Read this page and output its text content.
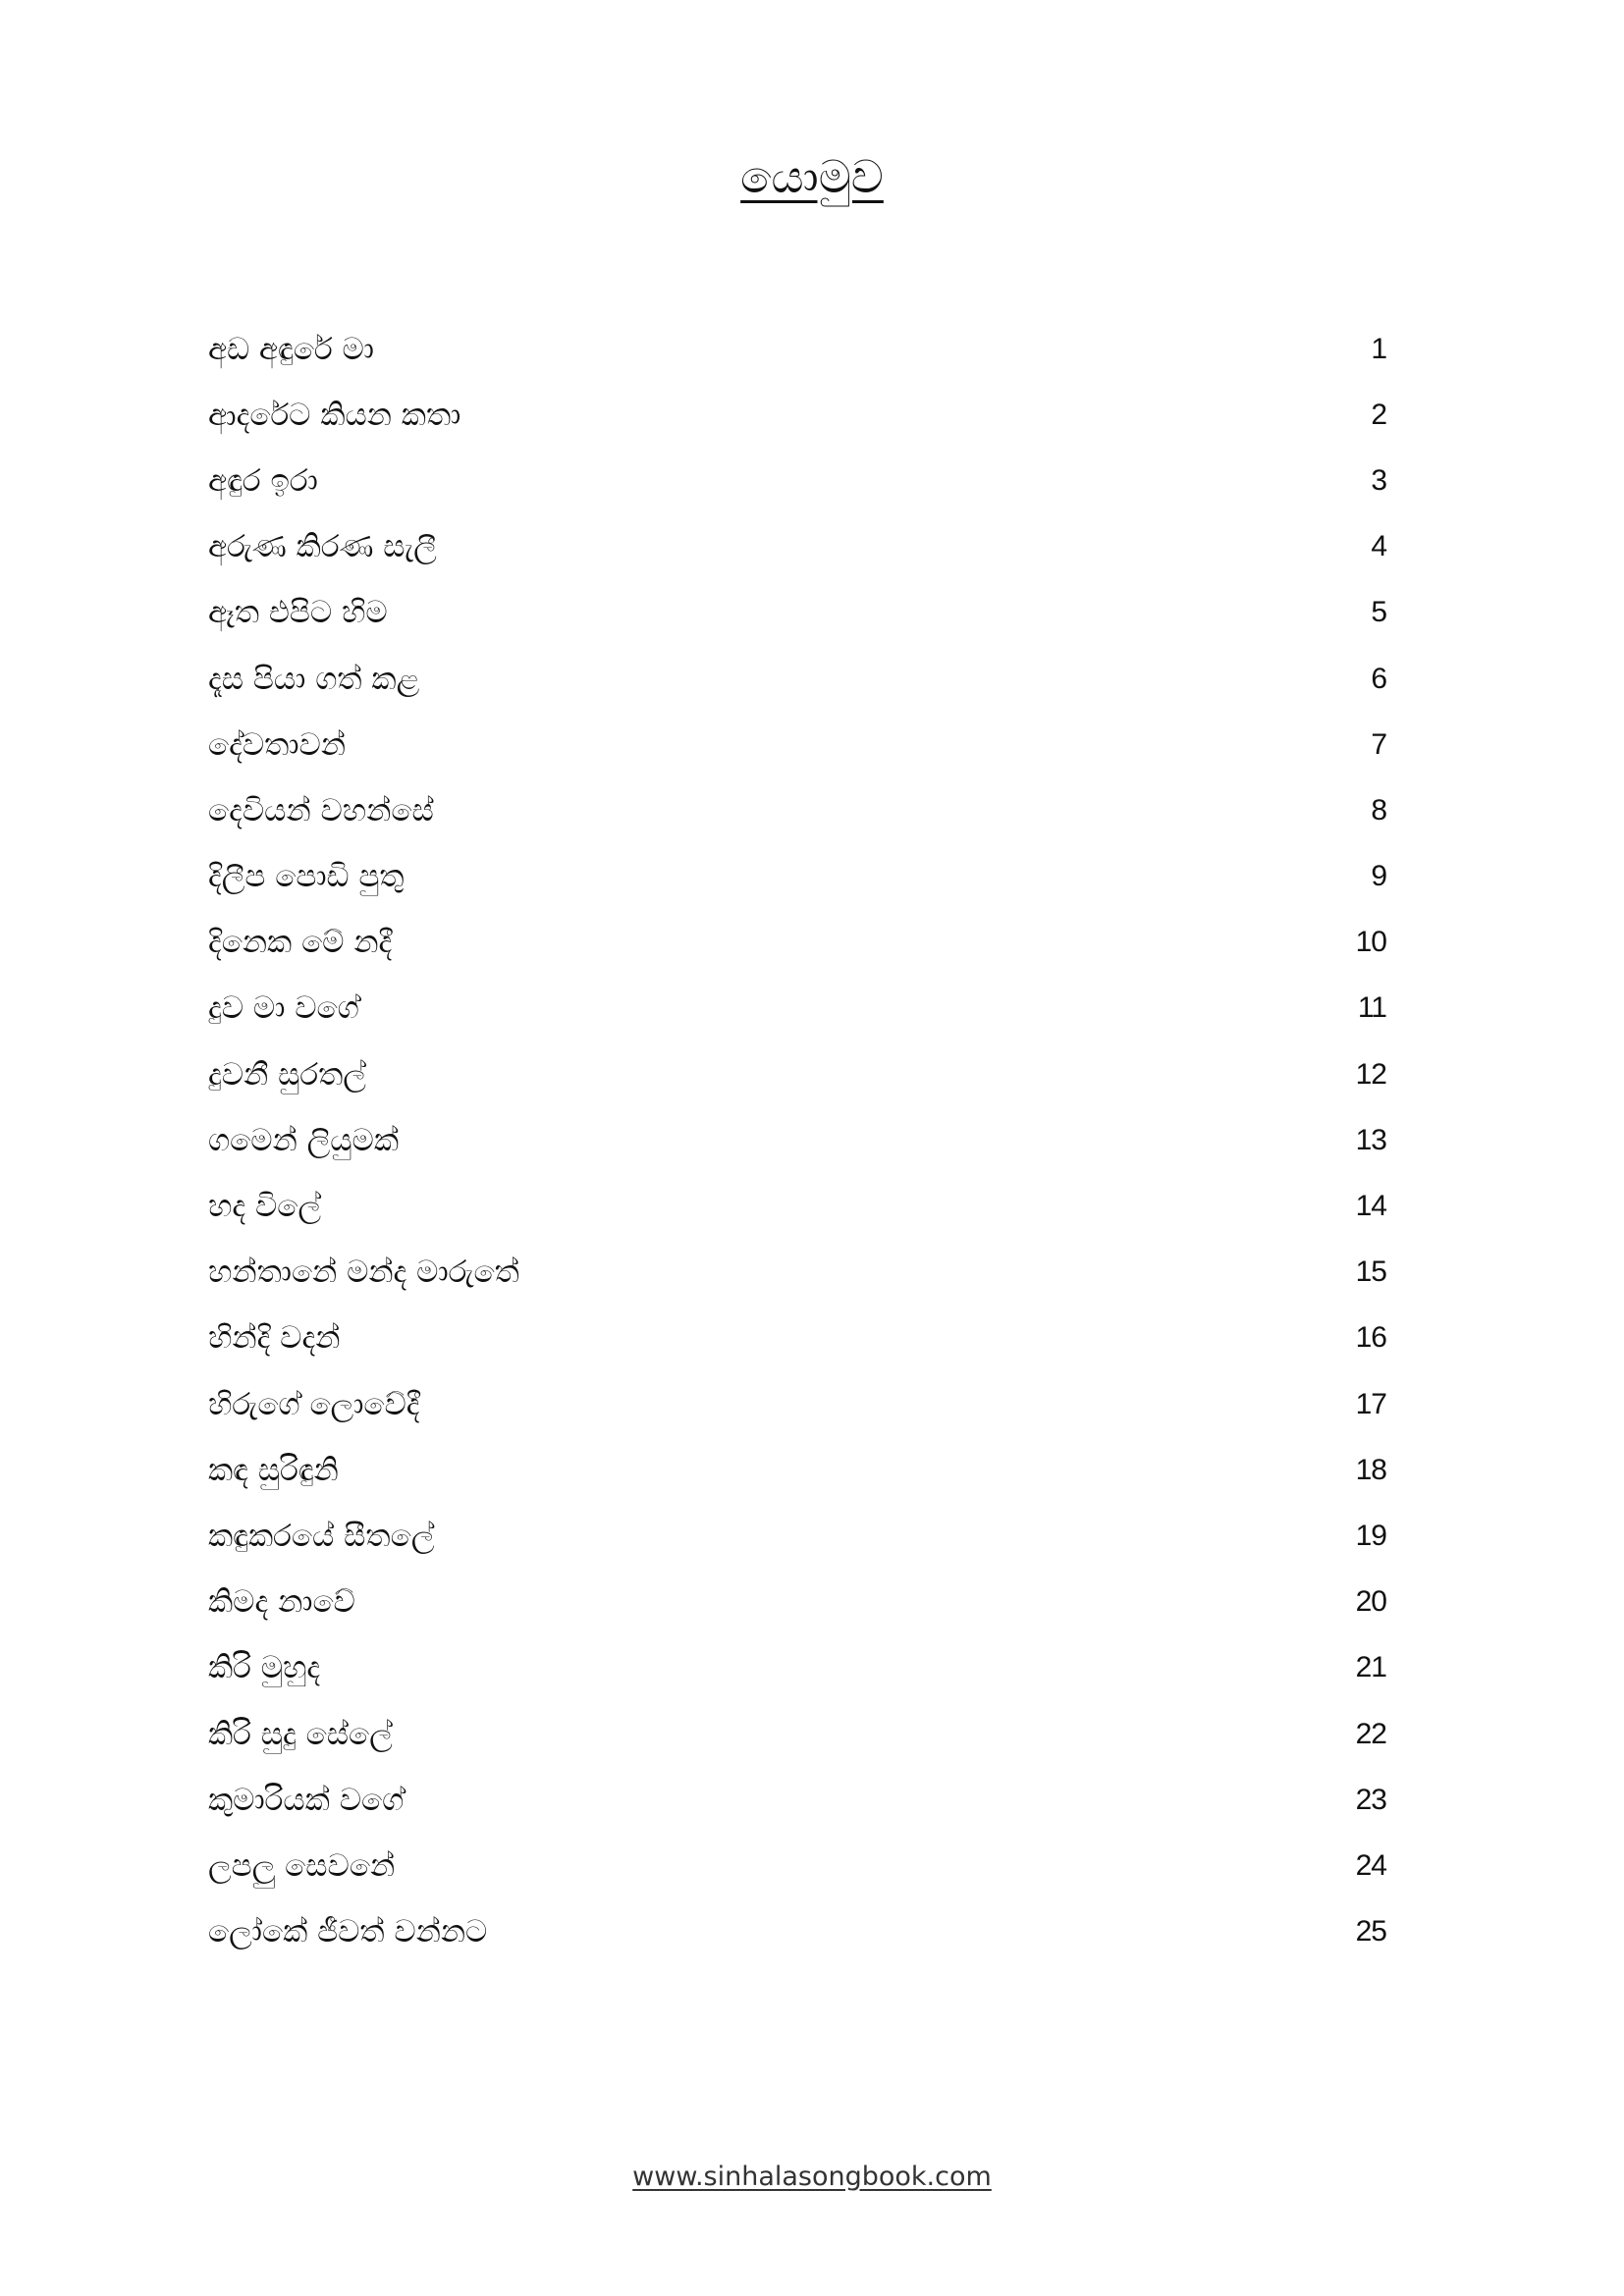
යොමුව
අඩ අඳුරේ මා	1
ආදරේට කියන කතා	2
අඳුර ඉරා	3
අරුණ කිරණ සැලී	4
ඈත එපිට හිම	5
දෑස පියා ගත් කළ	6
දේවතාවන්	7
දෙවියන් වහන්සේ	8
දිලීප පොඩි පුතු	9
දිනෙක මේ නදී	10
දුව මා වගේ	11
දුවනී සුරතල්	12
ගමෙන් ලියුමක්	13
හද විලේ	14
හන්තානේ මන්ද මාරුතේ	15
හින්දි වදන්	16
හිරුගේ ලොවේදී	17
කඳ සුරිඳුනි	18
කඳුකරයේ සීතලේ	19
කිමද නාවේ	20
කිරි මුහුද	21
කිරි සුදු සේලේ	22
කුමාරියක් වගේ	23
ලපලු සෙවනේ	24
ලෝකේ ජීවත් වන්නට	25
www.sinhalasongbook.com
